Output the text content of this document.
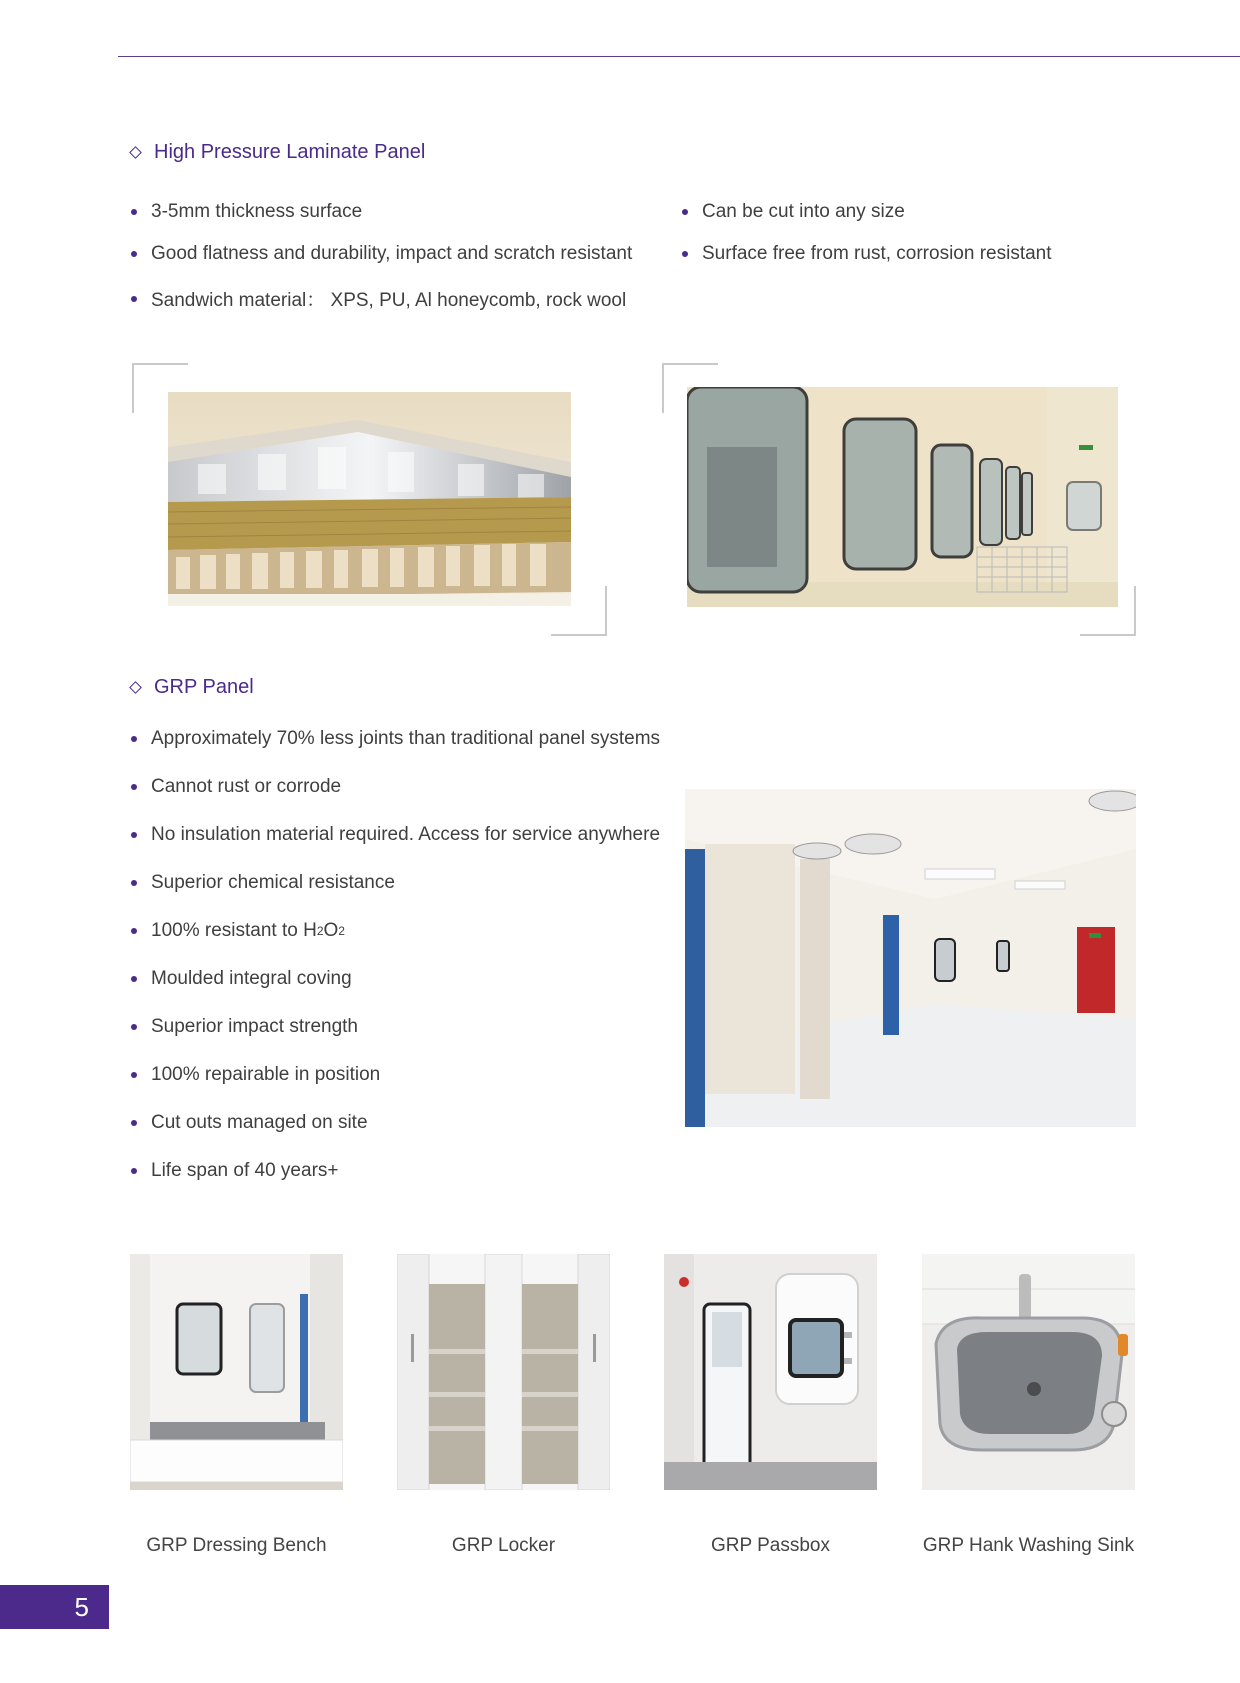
High Pressure Laminate Panel
3-5mm thickness surface
Good flatness and durability, impact and scratch resistant
Sandwich material： XPS, PU, Al honeycomb, rock wool
Can be cut into any size
Surface free from rust, corrosion resistant
GRP Panel
Approximately 70% less joints than traditional panel systems
Cannot rust or corrode
No insulation material required. Access for service anywhere
Superior chemical resistance
100% resistant to H 2 O 2
Moulded integral coving
Superior impact strength
100% repairable in position
Cut outs managed on site
Life span of 40 years+
GRP Dressing Bench	GRP Locker	GRP Passbox	GRP Hank Washing Sink
5
